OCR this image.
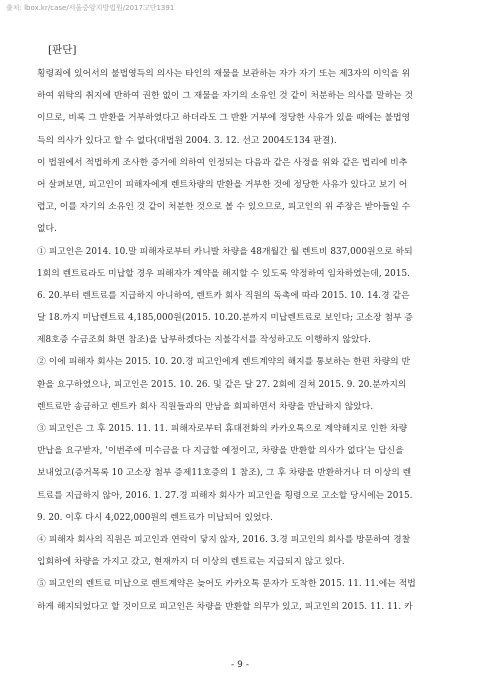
출처: lbox.kr/case/서울중앙지방법원/2017고단1391
[판단]
횡령죄에 있어서의 불법영득의 의사는 타인의 재물을 보관하는 자가 자기 또는 제3자의 이익을 위
하여 위탁의 취지에 반하여 권한 없이 그 재물을 자기의 소유인 것 같이 처분하는 의사를 말하는 것
이므로, 비록 그 반환을 거부하였다고 하더라도 그 반환 거부에 정당한 사유가 있을 때에는 불법영
득의 의사가 있다고 할 수 없다(대법원 2004. 3. 12. 선고 2004도134 판결).
이 법원에서 적법하게 조사한 증거에 의하여 인정되는 다음과 같은 사정을 위와 같은 법리에 비추
어 살펴보면, 피고인이 피해자에게 렌트차량의 반환을 거부한 것에 정당한 사유가 있다고 보기 어
렵고, 이를 자기의 소유인 것 같이 처분한 것으로 볼 수 있으므로, 피고인의 위 주장은 받아들일 수
없다.
① 피고인은 2014. 10.말 피해자로부터 카니발 차량을 48개월간 월 렌트비 837,000원으로 하되
1회의 렌트료라도 미납할 경우 피해자가 계약을 해지할 수 있도록 약정하여 임차하였는데, 2015.
6. 20.부터 렌트료를 지급하지 아니하여, 렌트카 회사 직원의 독촉에 따라 2015. 10. 14.경 같은
달 18.까지 미납렌트료 4,185,000원(2015. 10.20.분까지 미납렌트료로 보인다; 고소장 첨부 증
제8호증 수금조회 화면 참조)을 납부하겠다는 지불각서를 작성하고도 이행하지 않았다.
② 이에 피해자 회사는 2015. 10. 20.경 피고인에게 렌트계약의 해지를 통보하는 한편 차량의 반
환을 요구하였으나, 피고인은 2015. 10. 26. 및 같은 달 27. 2회에 걸쳐 2015. 9. 20.분까지의
렌트료만 송금하고 렌트카 회사 직원들과의 만남을 회피하면서 차량을 반납하지 않았다.
③ 피고인은 그 후 2015. 11. 11. 피해자로부터 휴대전화의 카카오톡으로 계약해지로 인한 차량
반납을 요구받자, '이번주에 미수금을 다 지급할 예정이고, 차량을 반환할 의사가 없다'는 답신을
보내었고(증거목록 10 고소장 첨부 증제11호증의 1 참조), 그 후 차량을 반환하거나 더 이상의 렌
트료를 지급하지 않아, 2016. 1. 27.경 피해자 회사가 피고인을 횡령으로 고소할 당시에는 2015.
9. 20. 이후 다시 4,022,000원의 렌트료가 미납되어 있었다.
④ 피해자 회사의 직원은 피고인과 연락이 닿지 않자, 2016. 3.경 피고인의 회사를 방문하여 경찰
입회하에 차량을 가지고 갔고, 현재까지 더 이상의 렌트료는 지급되지 않고 있다.
⑤ 피고인의 렌트료 미납으로 렌트계약은 늦어도 카카오톡 문자가 도착한 2015. 11. 11.에는 적법
하게 해지되었다고 할 것이므로 피고인은 차량을 반환할 의무가 있고, 피고인의 2015. 11. 11. 카
- 9 -
